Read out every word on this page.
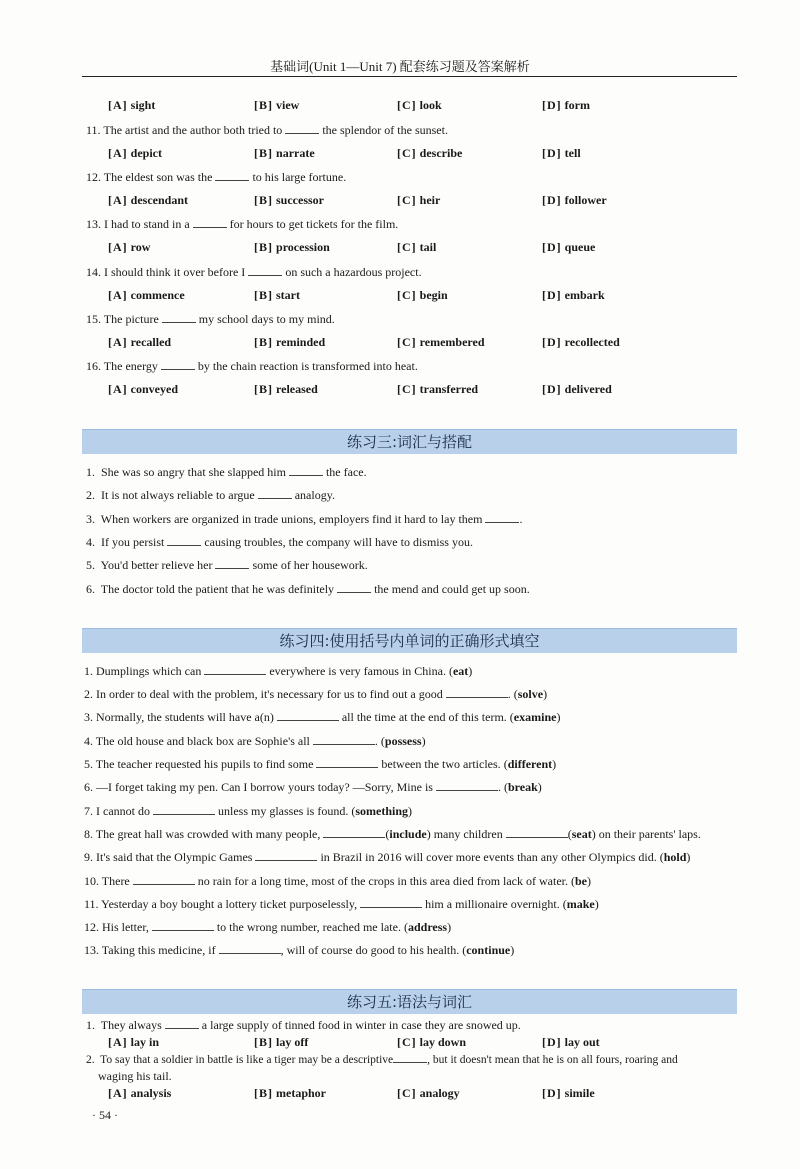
基础词(Unit 1—Unit 7) 配套练习题及答案解析
[A] sight	[B] view	[C] look	[D] form
11. The artist and the author both tried to	the splendor of the sunset.
[A] depict	[B] narrate	[C] describe	[D] tell
12. The eldest son was the	to his large fortune.
[A] descendant	[B] successor	[C] heir	[D] follower
13. I had to stand in a	for hours to get tickets for the film.
[A] row	[B] procession	[C] tail	[D] queue
14. I should think it over before I	on such a hazardous project.
[A] commence	[B] start	[C] begin	[D] embark
15. The picture	my school days to my mind.
[A] recalled	[B] reminded	[C] remembered	[D] recollected
16. The energy	by the chain reaction is transformed into heat.
[A] conveyed	[B] released	[C] transferred	[D] delivered
练习三:词汇与搭配
1. She was so angry that she slapped him	the face.
2. It is not always reliable to argue	analogy.
3. When workers are organized in trade unions, employers find it hard to lay them	.
4. If you persist	causing troubles, the company will have to dismiss you.
5. You'd better relieve her	some of her housework.
6. The doctor told the patient that he was definitely	the mend and could get up soon.
练习四:使用括号内单词的正确形式填空
1. Dumplings which can	everywhere is very famous in China. (eat)
2. In order to deal with the problem, it's necessary for us to find out a good	. (solve)
3. Normally, the students will have a(n)	all the time at the end of this term. (examine)
4. The old house and black box are Sophie's all	. (possess)
5. The teacher requested his pupils to find some	between the two articles. (different)
6. —I forget taking my pen. Can I borrow yours today? —Sorry, Mine is	. (break)
7. I cannot do	unless my glasses is found. (something)
8. The great hall was crowded with many people,	(include) many children	(seat) on their parents' laps.
9. It's said that the Olympic Games	in Brazil in 2016 will cover more events than any other Olympics did. (hold)
10. There	no rain for a long time, most of the crops in this area died from lack of water. (be)
11. Yesterday a boy bought a lottery ticket purposelessly,	him a millionaire overnight. (make)
12. His letter,	to the wrong number, reached me late. (address)
13. Taking this medicine, if	, will of course do good to his health. (continue)
练习五:语法与词汇
1. They always	a large supply of tinned food in winter in case they are snowed up.
[A] lay in	[B] lay off	[C] lay down	[D] lay out
2. To say that a soldier in battle is like a tiger may be a descriptive	, but it doesn't mean that he is on all fours, roaring and
waging his tail.
[A] analysis	[B] metaphor	[C] analogy	[D] simile
· 54 ·
